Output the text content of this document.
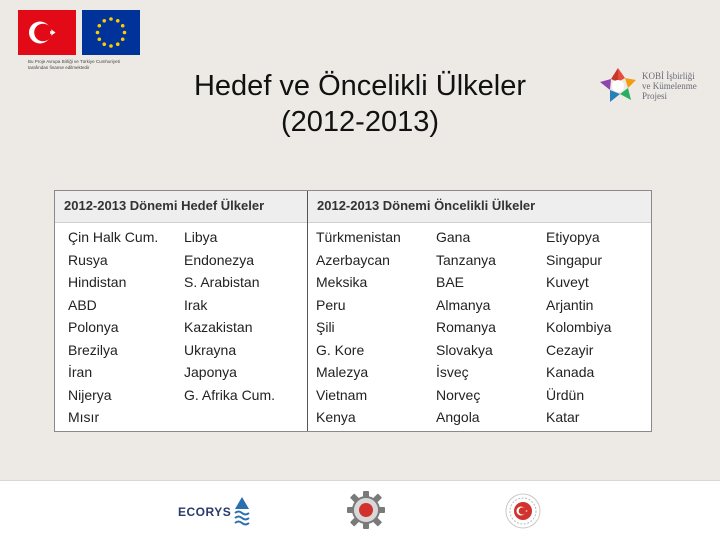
Bu Proje Avrupa Birliği ve Türkiye Cumhuriyeti tarafından finanse edilmektedir
Hedef ve Öncelikli Ülkeler
(2012-2013)
KOBİ İşbirliği
ve Kümelenme
Projesi
2012-2013 Dönemi Hedef Ülkeler	2012-2013 Dönemi Öncelikli Ülkeler
Çin Halk Cum.
Rusya
Hindistan
ABD
Polonya
Brezilya
İran
Nijerya
Mısır
Libya
Endonezya
S. Arabistan
Irak
Kazakistan
Ukrayna
Japonya
G. Afrika Cum.
Türkmenistan
Azerbaycan
Meksika
Peru
Şili
G. Kore
Malezya
Vietnam
Kenya
Gana
Tanzanya
BAE
Almanya
Romanya
Slovakya
İsveç
Norveç
Angola
Etiyopya
Singapur
Kuveyt
Arjantin
Kolombiya
Cezayir
Kanada
Ürdün
Katar
ECORYS
